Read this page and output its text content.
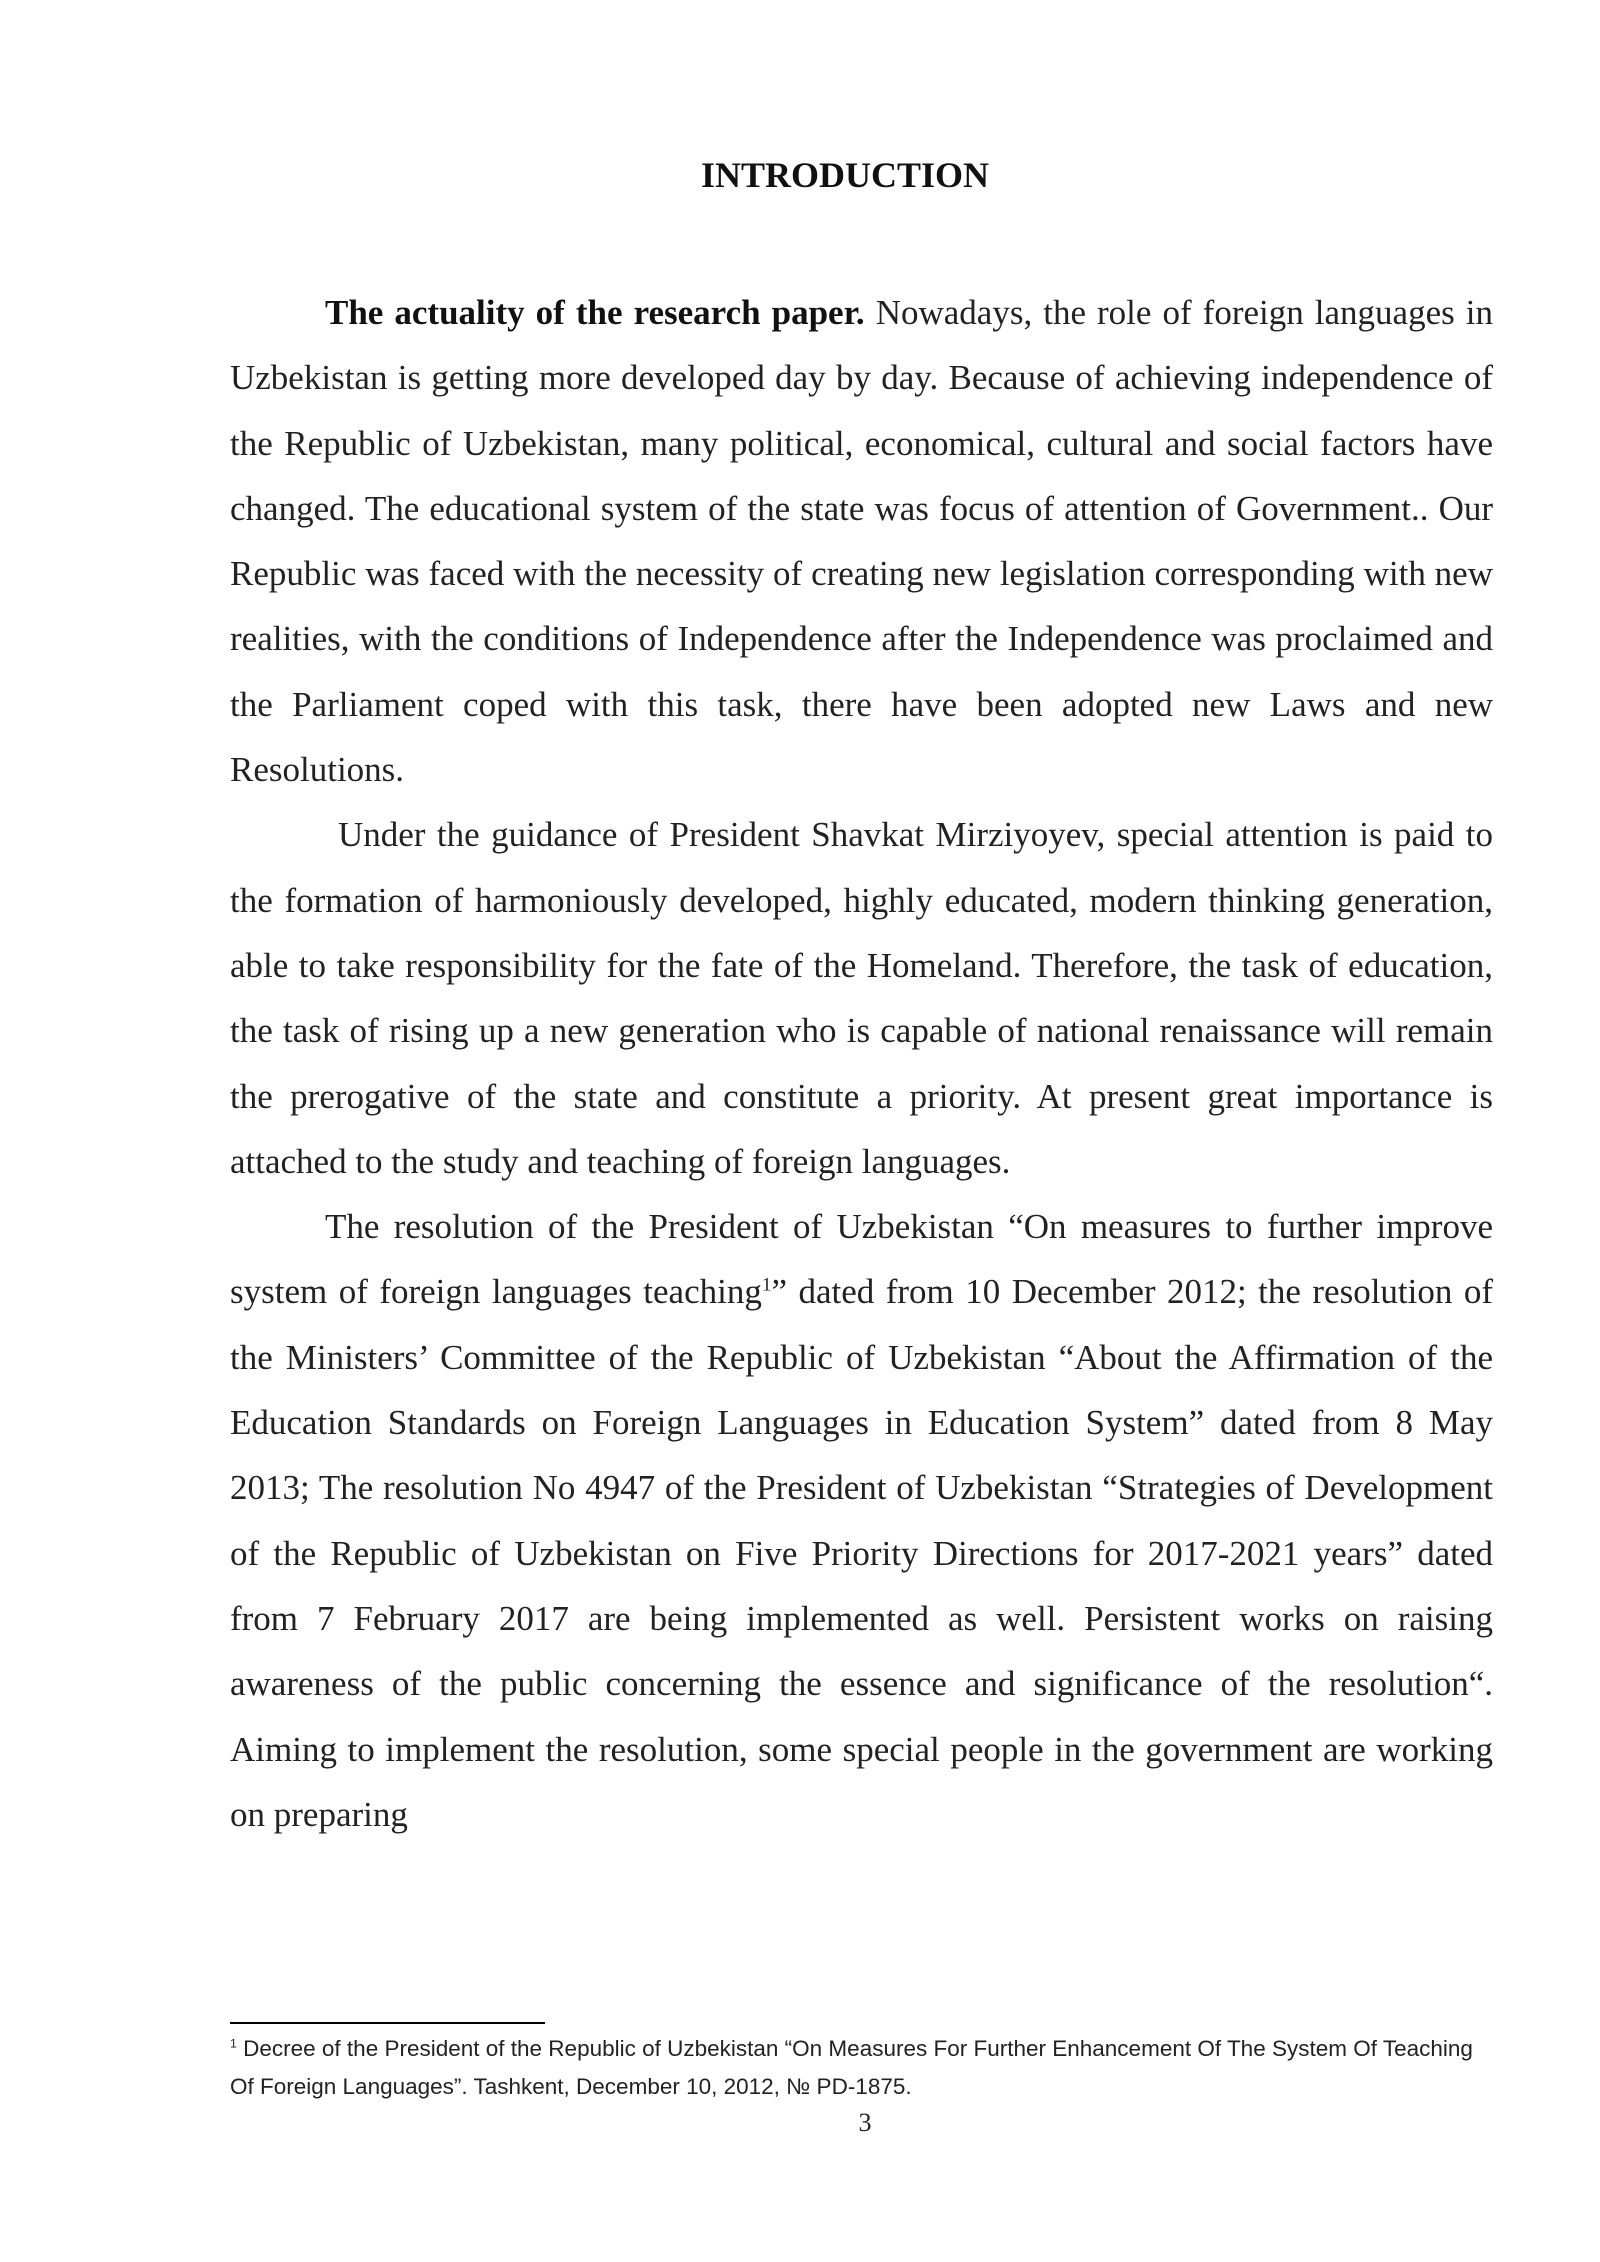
INTRODUCTION

The actuality of the research paper. Nowadays, the role of foreign languages in Uzbekistan is getting more developed day by day. Because of achieving independence of the Republic of Uzbekistan, many political, economical, cultural and social factors have changed. The educational system of the state was focus of attention of Government.. Our Republic was faced with the necessity of creating new legislation corresponding with new realities, with the conditions of Independence after the Independence was proclaimed and the Parliament coped with this task, there have been adopted new Laws and new Resolutions.

Under the guidance of President Shavkat Mirziyoyev, special attention is paid to the formation of harmoniously developed, highly educated, modern thinking generation, able to take responsibility for the fate of the Homeland. Therefore, the task of education, the task of rising up a new generation who is capable of national renaissance will remain the prerogative of the state and constitute a priority. At present great importance is attached to the study and teaching of foreign languages.

The resolution of the President of Uzbekistan “On measures to further improve system of foreign languages teaching$^1$” dated from 10 December 2012; the resolution of the Ministers’ Committee of the Republic of Uzbekistan “About the Affirmation of the Education Standards on Foreign Languages in Education System” dated from 8 May 2013; The resolution No 4947 of the President of Uzbekistan “Strategies of Development of the Republic of Uzbekistan on Five Priority Directions for 2017-2021 years” dated from 7 February 2017 are being implemented as well. Persistent works on raising awareness of the public concerning the essence and significance of the resolution“. Aiming to implement the resolution, some special people in the government are working on preparing

$^1$ Decree of the President of the Republic of Uzbekistan “On Measures For Further Enhancement Of The System Of Teaching Of Foreign Languages”. Tashkent, December 10, 2012, № PD-1875.
3
